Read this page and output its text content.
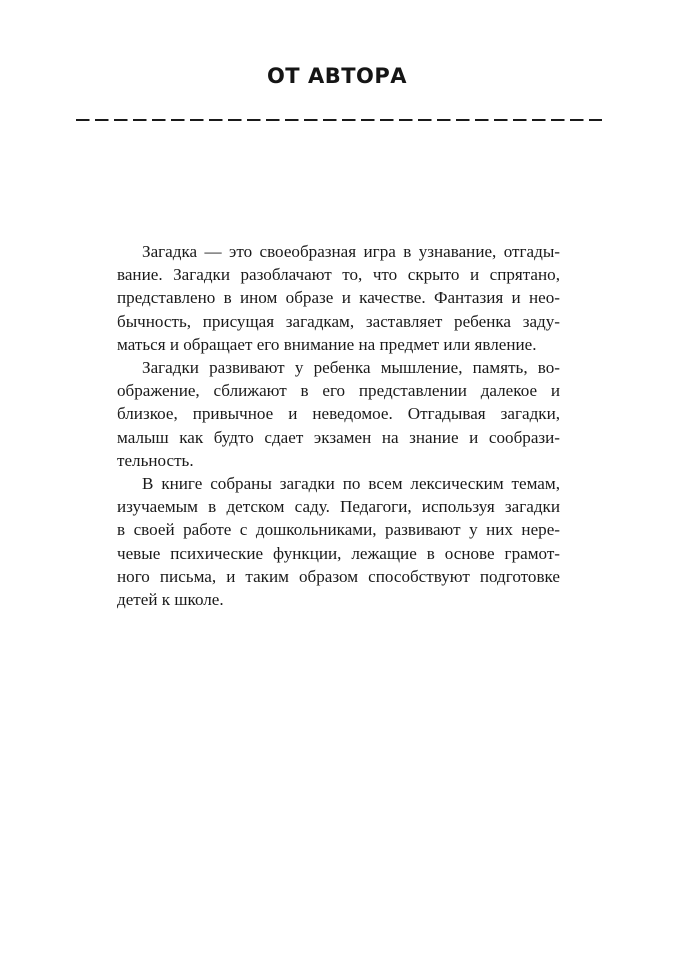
ОТ АВТОРА

Загадка — это своеобразная игра в узнавание, отгады-
вание. Загадки разоблачают то, что скрыто и спрятано,
представлено в ином образе и качестве. Фантазия и нео-
бычность, присущая загадкам, заставляет ребенка заду-
маться и обращает его внимание на предмет или явление.

Загадки развивают у ребенка мышление, память, во-
ображение, сближают в его представлении далекое и
близкое, привычное и неведомое. Отгадывая загадки,
малыш как будто сдает экзамен на знание и сообрази-
тельность.

В книге собраны загадки по всем лексическим темам,
изучаемым в детском саду. Педагоги, используя загадки
в своей работе с дошкольниками, развивают у них нере-
чевые психические функции, лежащие в основе грамот-
ного письма, и таким образом способствуют подготовке
детей к школе.
